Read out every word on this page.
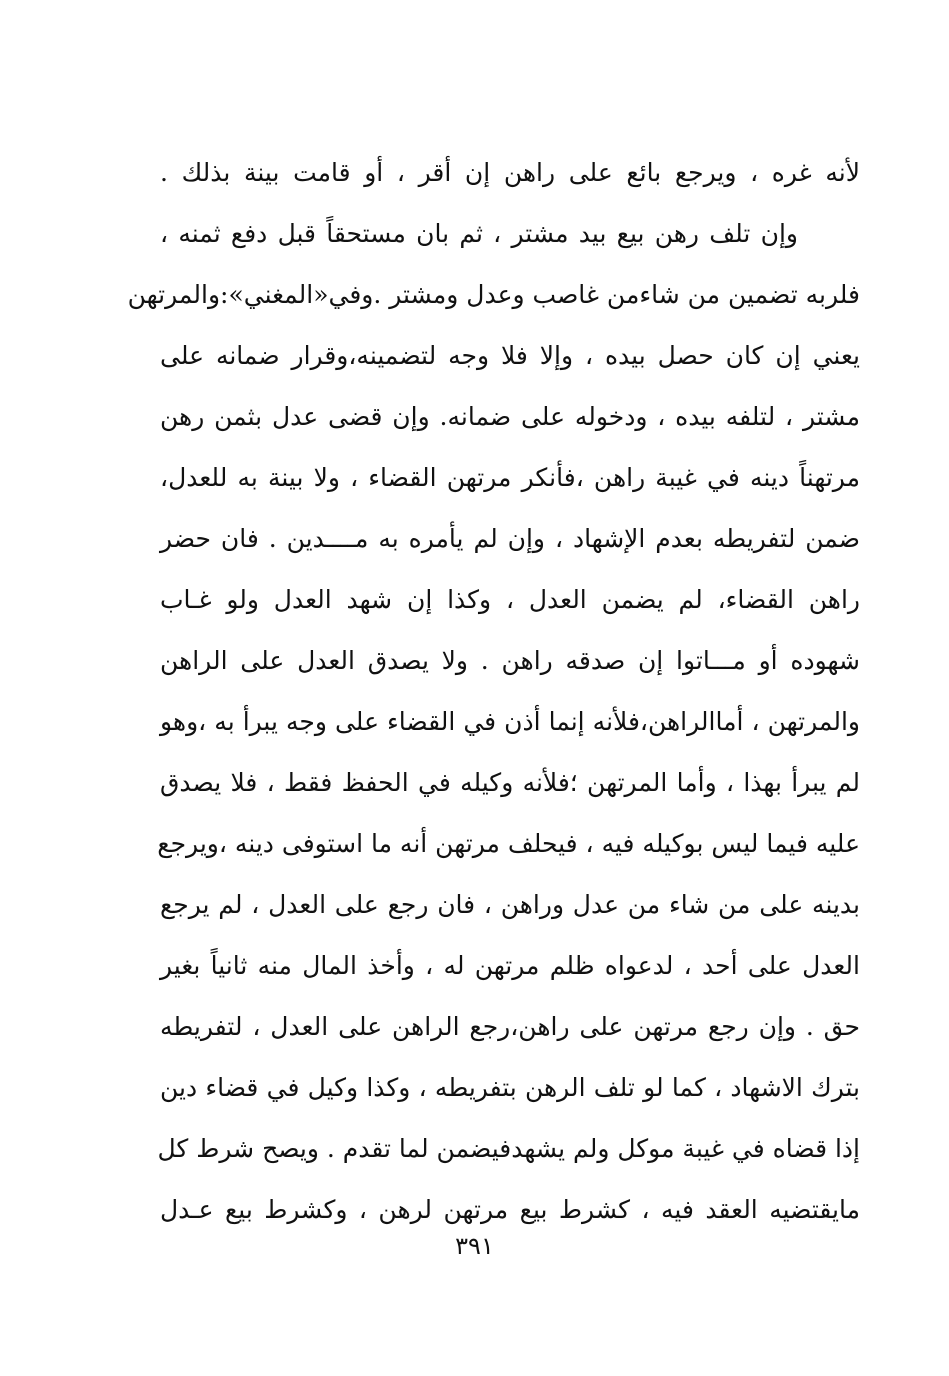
لأنه غره ، ويرجع بائع على راهن إن أقر ، أو قامت بينة بذلك .
وإن تلف رهن بيع بيد مشتر ، ثم بان مستحقاً قبل دفع ثمنه ،
فلربه تضمين من شاءمن غاصب وعدل ومشتر .وفي«المغني»:والمرتهن
يعني إن كان حصل بيده ، وإلا فلا وجه لتضمينه،وقرار ضمانه على
مشتر ، لتلفه بيده ، ودخوله على ضمانه. وإن قضى عدل بثمن رهن
مرتهناً دينه في غيبة راهن ،فأنكر مرتهن القضاء ، ولا بينة به للعدل،
ضمن لتفريطه بعدم الإشهاد ، وإن لم يأمره به مــــدين . فان حضر
راهن القضاء، لم يضمن العدل ، وكذا إن شهد العدل ولو غـاب
شهوده أو مـــاتوا إن صدقه راهن . ولا يصدق العدل على الراهن
والمرتهن ، أماالراهن،فلأنه إنما أذن في القضاء على وجه يبرأ به ،وهو
لم يبرأ بهذا ، وأما المرتهن ؛فلأنه وكيله في الحفظ فقط ، فلا يصدق
عليه فيما ليس بوكيله فيه ، فيحلف مرتهن أنه ما استوفى دينه ،ويرجع
بدينه على من شاء من عدل وراهن ، فان رجع على العدل ، لم يرجع
العدل على أحد ، لدعواه ظلم مرتهن له ، وأخذ المال منه ثانياً بغير
حق . وإن رجع مرتهن على راهن،رجع الراهن على العدل ، لتفريطه
بترك الاشهاد ، كما لو تلف الرهن بتفريطه ، وكذا وكيل في قضاء دين
إذا قضاه في غيبة موكل ولم يشهدفيضمن لما تقدم . ويصح شرط كل
مايقتضيه العقد فيه ، كشرط بيع مرتهن لرهن ، وكشرط بيع عـدل
٣٩١
